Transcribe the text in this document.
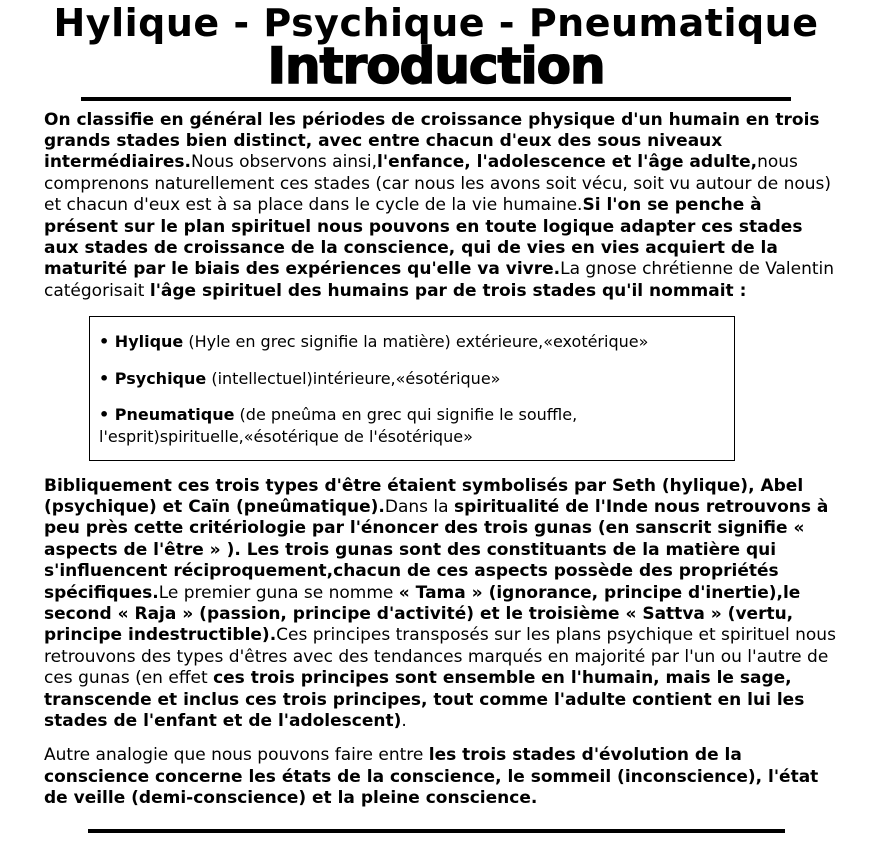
Hylique - Psychique - Pneumatique
Introduction

On classifie en général les périodes de croissance physique d'un humain en trois grands stades bien distinct, avec entre chacun d'eux des sous niveaux intermédiaires.Nous observons ainsi,l'enfance, l'adolescence et l'âge adulte,nous comprenons naturellement ces stades (car nous les avons soit vécu, soit vu autour de nous) et chacun d'eux est à sa place dans le cycle de la vie humaine.Si l'on se penche à présent sur le plan spirituel nous pouvons en toute logique adapter ces stades aux stades de croissance de la conscience, qui de vies en vies acquiert de la maturité par le biais des expériences qu'elle va vivre.La gnose chrétienne de Valentin catégorisait l'âge spirituel des humains par de trois stades qu'il nommait :

• Hylique (Hyle en grec signifie la matière) extérieure,«exotérique»
• Psychique (intellectuel)intérieure,«ésotérique»
• Pneumatique (de pneûma en grec qui signifie le souffle, l'esprit)spirituelle,«ésotérique de l'ésotérique»

Bibliquement ces trois types d'être étaient symbolisés par Seth (hylique), Abel (psychique) et Caïn (pneûmatique).Dans la spiritualité de l'Inde nous retrouvons à peu près cette critériologie par l'énoncer des trois gunas (en sanscrit signifie « aspects de l'être » ). Les trois gunas sont des constituants de la matière qui s'influencent réciproquement,chacun de ces aspects possède des propriétés spécifiques.Le premier guna se nomme « Tama » (ignorance, principe d'inertie),le second « Raja » (passion, principe d'activité) et le troisième « Sattva » (vertu, principe indestructible).Ces principes transposés sur les plans psychique et spirituel nous retrouvons des types d'êtres avec des tendances marqués en majorité par l'un ou l'autre de ces gunas (en effet ces trois principes sont ensemble en l'humain, mais le sage, transcende et inclus ces trois principes, tout comme l'adulte contient en lui les stades de l'enfant et de l'adolescent).

Autre analogie que nous pouvons faire entre les trois stades d'évolution de la conscience concerne les états de la conscience, le sommeil (inconscience), l'état de veille (demi-conscience) et la pleine conscience.
